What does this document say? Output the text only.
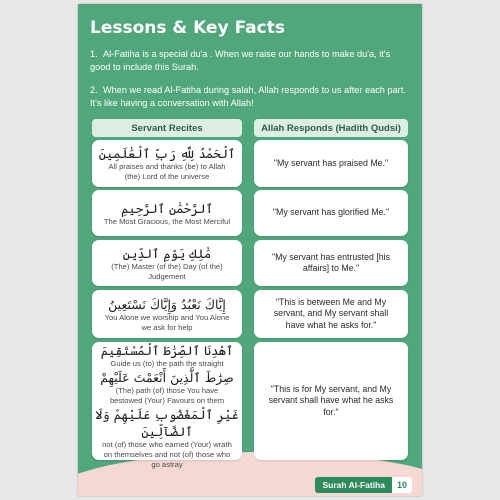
Lessons & Key Facts
1. Al-Fatiha is a special du'a . When we raise our hands to make du'a, it's good to include this Surah.
2. When we read Al-Fatiha during salah, Allah responds to us after each part. It's like having a conversation with Allah!
Servant Recites	Allah Responds (Hadith Qudsi)
ٱلْحَمْدُ لِلَّهِ رَبِّ ٱلْعَٰلَمِينَ
All praises and thanks (be) to Allah (the) Lord of the universe
"My servant has praised Me."
ٱلرَّحْمَٰنِ ٱلرَّحِيمِ
The Most Gracious, the Most Merciful
"My servant has glorified Me."
مَٰلِكِ يَوْمِ ٱلدِّينِ
(The) Master (of the) Day (of the) Judgement
"My servant has entrusted [his affairs] to Me."
إِيَّاكَ نَعْبُدُ وَإِيَّاكَ نَسْتَعِينُ
You Alone we worship and You Alone we ask for help
"This is between Me and My servant, and My servant shall have what he asks for."
ٱهْدِنَا ٱلصِّرَٰطَ ٱلْمُسْتَقِيمَ
Guide us (to) the path the straight
صِرَٰطَ ٱلَّذِينَ أَنْعَمْتَ عَلَيْهِمْ
(The) path (of) those You have bestowed (Your) Favours on them
غَيْرِ ٱلْمَغْضُوبِ عَلَيْهِمْ وَلَا ٱلضَّآلِّينَ
not (of) those who earned (Your) wrath on themselves and not (of) those who go astray
"This is for My servant, and My servant shall have what he asks for."
Surah Al-Fatiha	10
